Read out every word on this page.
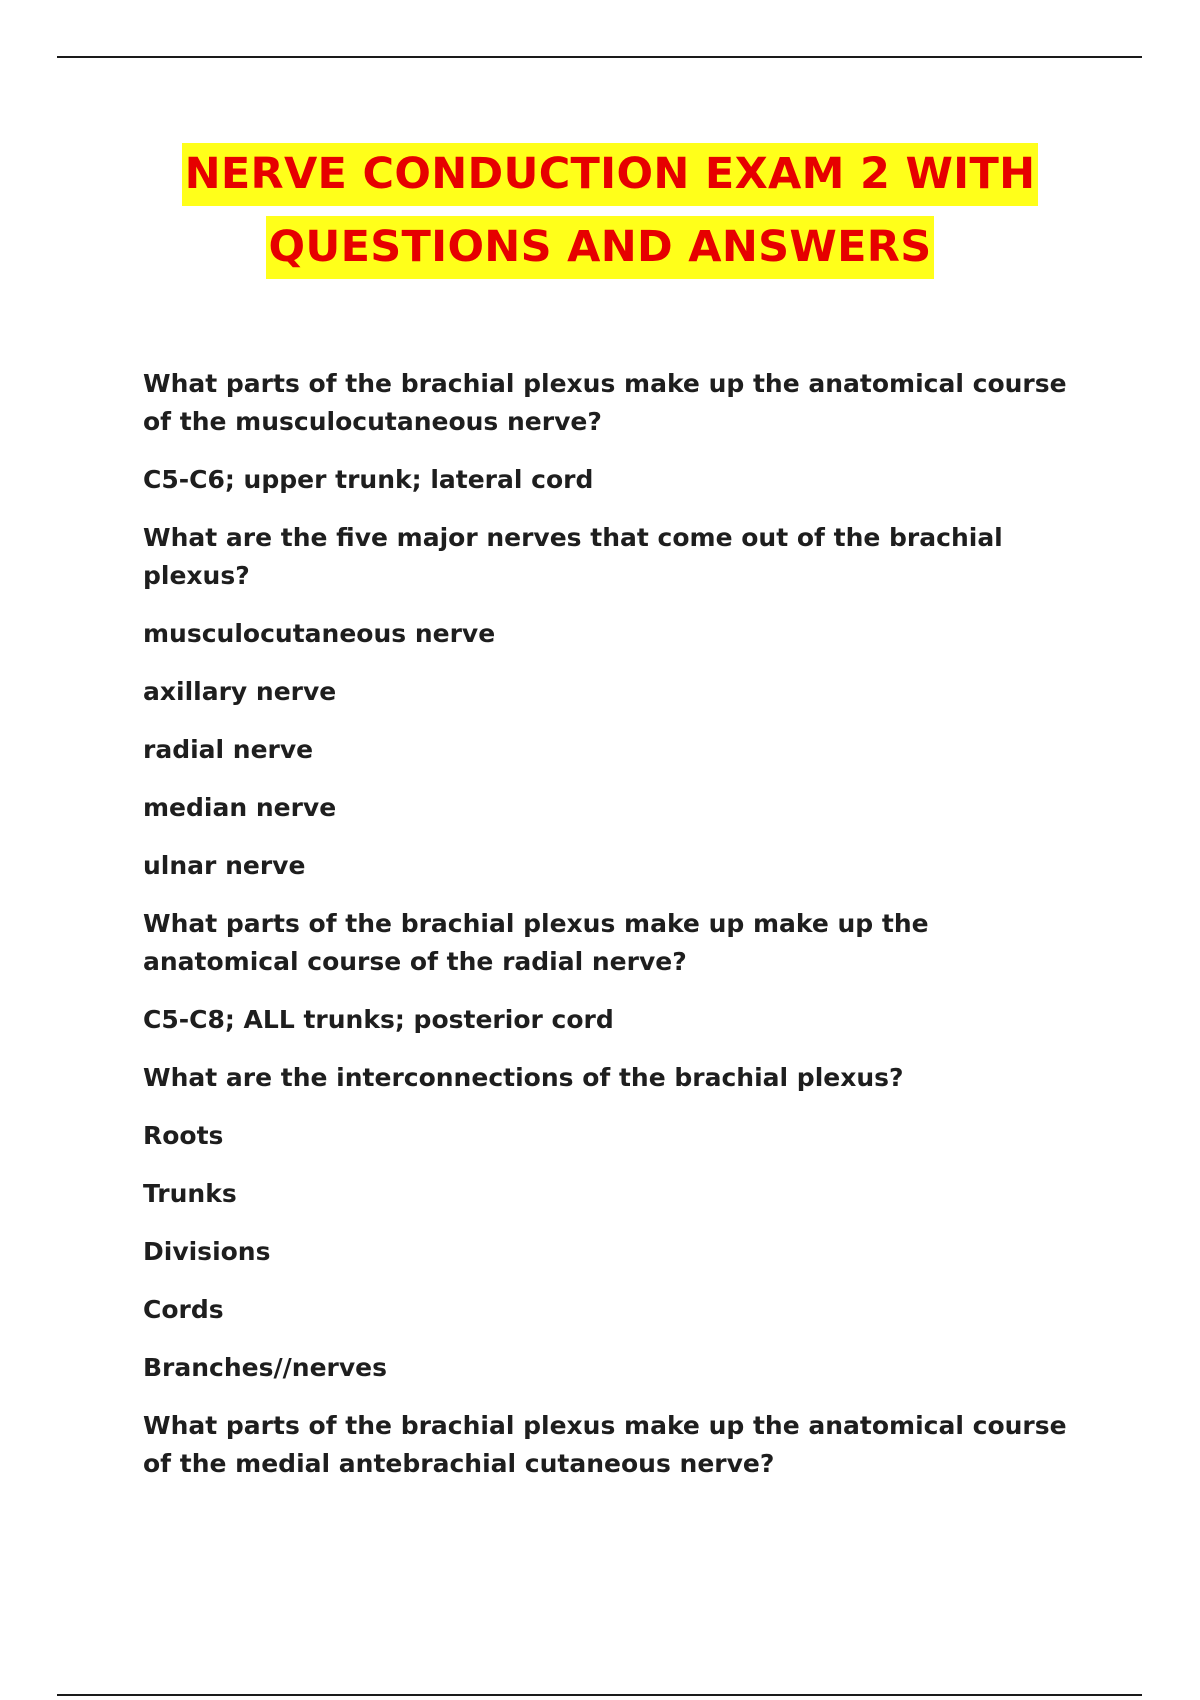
NERVE CONDUCTION EXAM 2 WITH
QUESTIONS AND ANSWERS

What parts of the brachial plexus make up the anatomical course of the musculocutaneous nerve?

C5-C6; upper trunk; lateral cord

What are the five major nerves that come out of the brachial plexus?

musculocutaneous nerve

axillary nerve

radial nerve

median nerve

ulnar nerve

What parts of the brachial plexus make up make up the anatomical course of the radial nerve?

C5-C8; ALL trunks; posterior cord

What are the interconnections of the brachial plexus?

Roots

Trunks

Divisions

Cords

Branches//nerves

What parts of the brachial plexus make up the anatomical course of the medial antebrachial cutaneous nerve?
